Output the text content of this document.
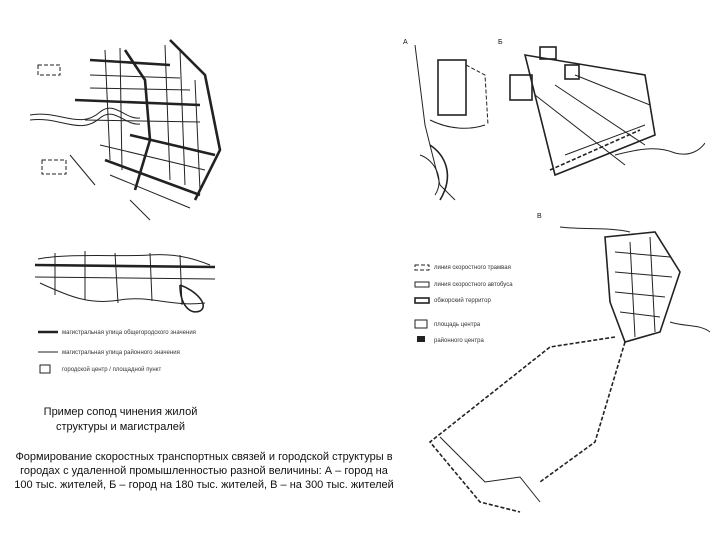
магистральная улица общегородского значения
магистральная улица районного значения
городской центр / площадной пункт
А	Б
В
линия скоростного трамвая
линия скоростного автобуса
обжорский территор
площадь центра
районного центра
Пример сопод чинения жилой структуры и магистралей
Формирование скоростных транспортных связей и городской структуры в городах с удаленной промышленностью разной величины: А – город на 100 тыс. жителей, Б – город на 180 тыс. жителей, В – на 300 тыс. жителей
